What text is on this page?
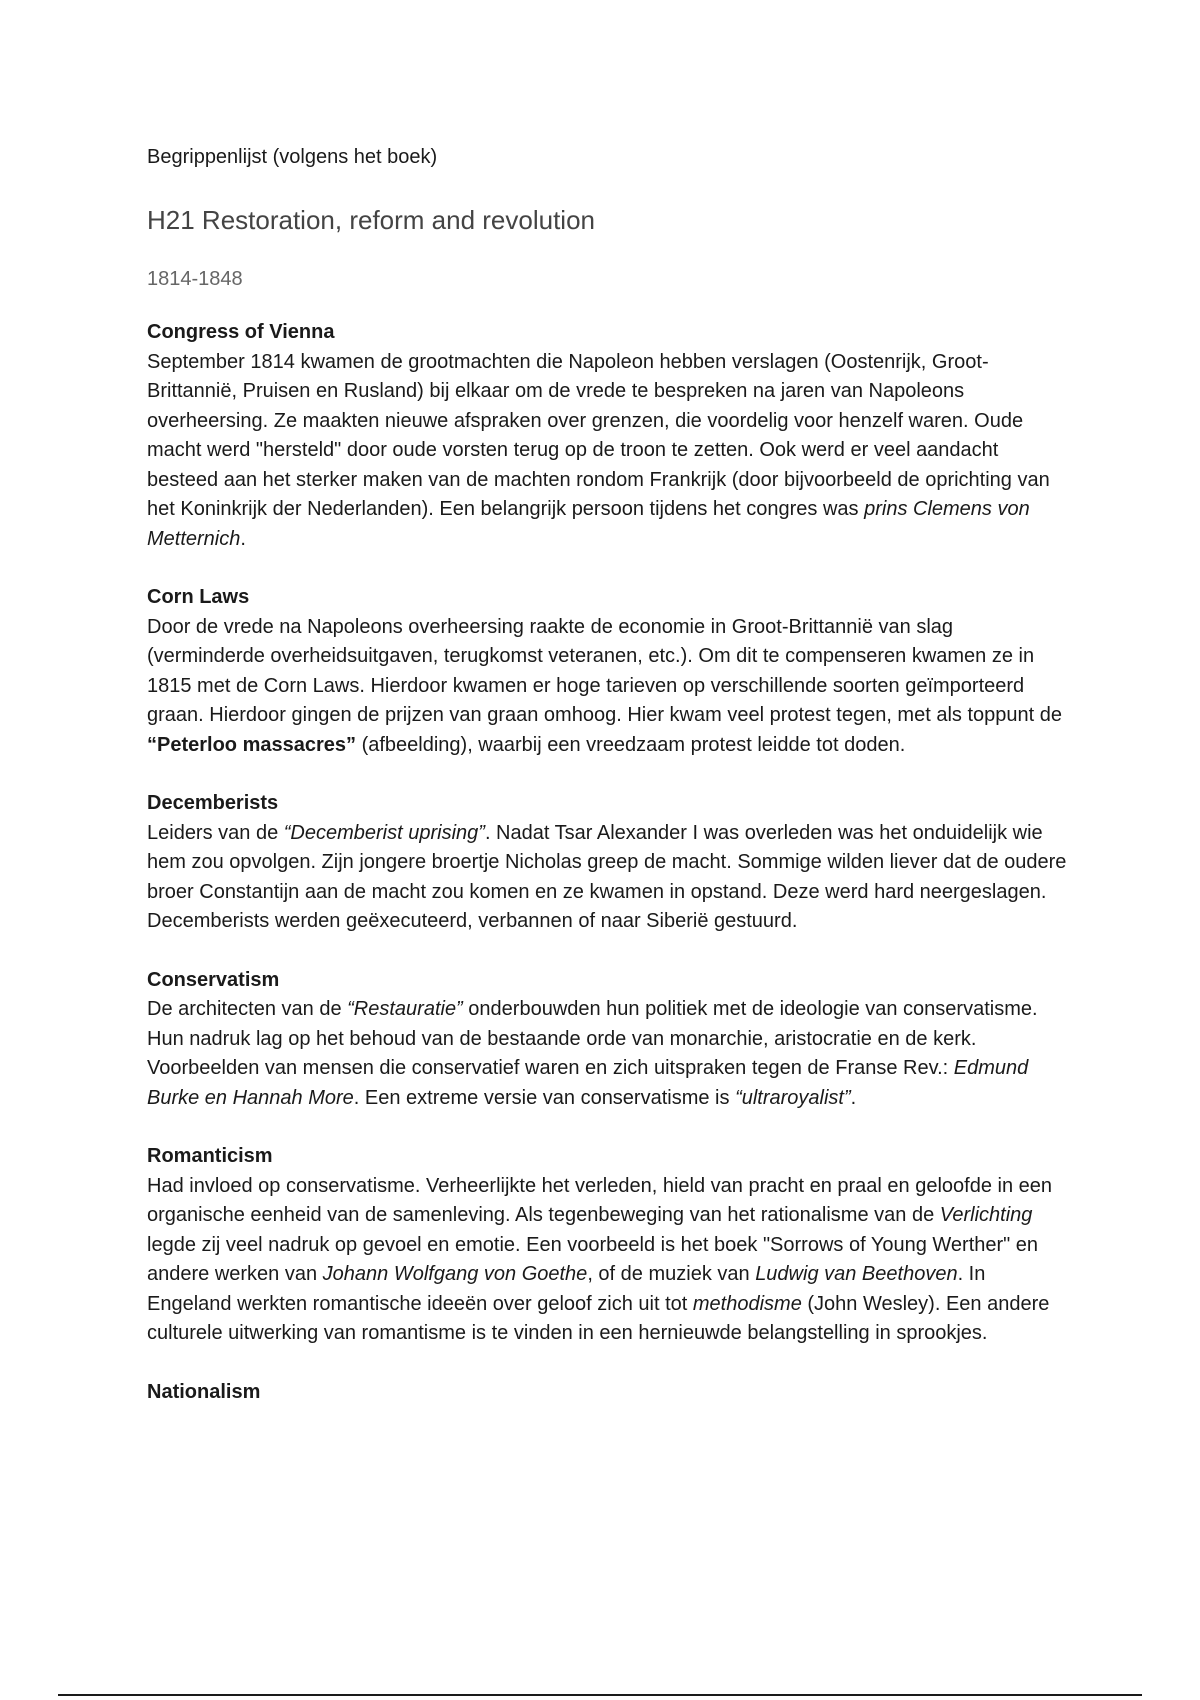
Begrippenlijst (volgens het boek)

H21 Restoration, reform and revolution

1814-1848

Congress of Vienna

September 1814 kwamen de grootmachten die Napoleon hebben verslagen (Oostenrijk, Groot-Brittannië, Pruisen en Rusland) bij elkaar om de vrede te bespreken na jaren van Napoleons overheersing. Ze maakten nieuwe afspraken over grenzen, die voordelig voor henzelf waren. Oude macht werd "hersteld" door oude vorsten terug op de troon te zetten. Ook werd er veel aandacht besteed aan het sterker maken van de machten rondom Frankrijk (door bijvoorbeeld de oprichting van het Koninkrijk der Nederlanden). Een belangrijk persoon tijdens het congres was prins Clemens von Metternich.

Corn Laws

Door de vrede na Napoleons overheersing raakte de economie in Groot-Brittannië van slag (verminderde overheidsuitgaven, terugkomst veteranen, etc.). Om dit te compenseren kwamen ze in 1815 met de Corn Laws. Hierdoor kwamen er hoge tarieven op verschillende soorten geïmporteerd graan. Hierdoor gingen de prijzen van graan omhoog. Hier kwam veel protest tegen, met als toppunt de “Peterloo massacres” (afbeelding), waarbij een vreedzaam protest leidde tot doden.

Decemberists

Leiders van de “Decemberist uprising”. Nadat Tsar Alexander I was overleden was het onduidelijk wie hem zou opvolgen. Zijn jongere broertje Nicholas greep de macht. Sommige wilden liever dat de oudere broer Constantijn aan de macht zou komen en ze kwamen in opstand. Deze werd hard neergeslagen. Decemberists werden geëxecuteerd, verbannen of naar Siberië gestuurd.

Conservatism

De architecten van de “Restauratie” onderbouwden hun politiek met de ideologie van conservatisme. Hun nadruk lag op het behoud van de bestaande orde van monarchie, aristocratie en de kerk. Voorbeelden van mensen die conservatief waren en zich uitspraken tegen de Franse Rev.: Edmund Burke en Hannah More. Een extreme versie van conservatisme is “ultraroyalist”.

Romanticism

Had invloed op conservatisme. Verheerlijkte het verleden, hield van pracht en praal en geloofde in een organische eenheid van de samenleving. Als tegenbeweging van het rationalisme van de Verlichting legde zij veel nadruk op gevoel en emotie. Een voorbeeld is het boek "Sorrows of Young Werther" en andere werken van Johann Wolfgang von Goethe, of de muziek van Ludwig van Beethoven. In Engeland werkten romantische ideeën over geloof zich uit tot methodisme (John Wesley). Een andere culturele uitwerking van romantisme is te vinden in een hernieuwde belangstelling in sprookjes.

Nationalism
